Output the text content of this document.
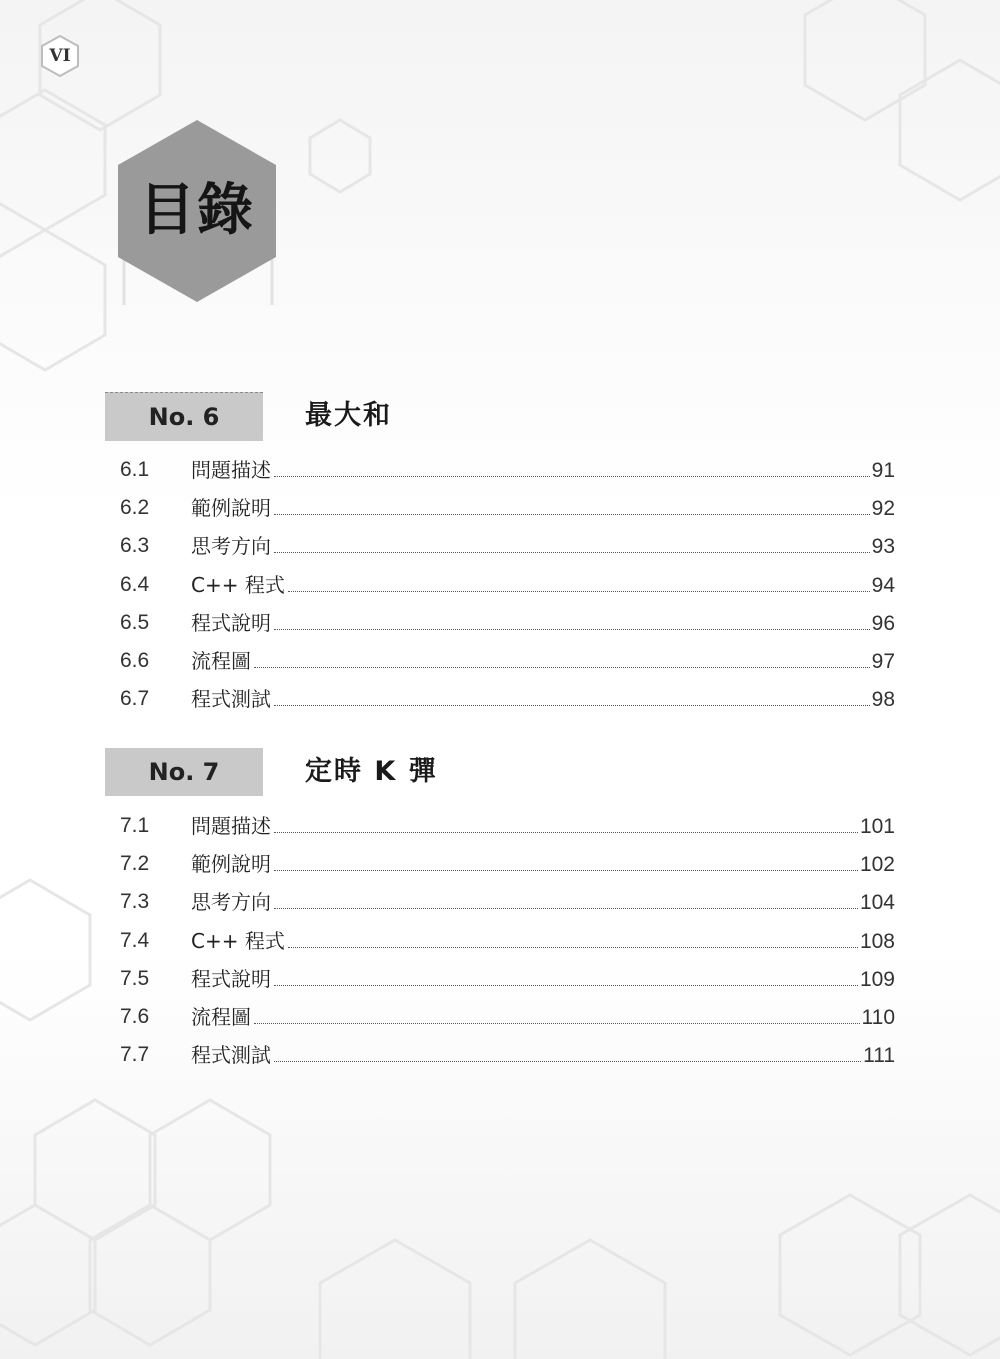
VI
目錄
No. 6	最大和
6.1 問題描述	91
6.2 範例說明	92
6.3 思考方向	93
6.4 C++ 程式	94
6.5 程式說明	96
6.6 流程圖	97
6.7 程式測試	98
No. 7	定時 K 彈
7.1 問題描述	101
7.2 範例說明	102
7.3 思考方向	104
7.4 C++ 程式	108
7.5 程式說明	109
7.6 流程圖	110
7.7 程式測試	111
